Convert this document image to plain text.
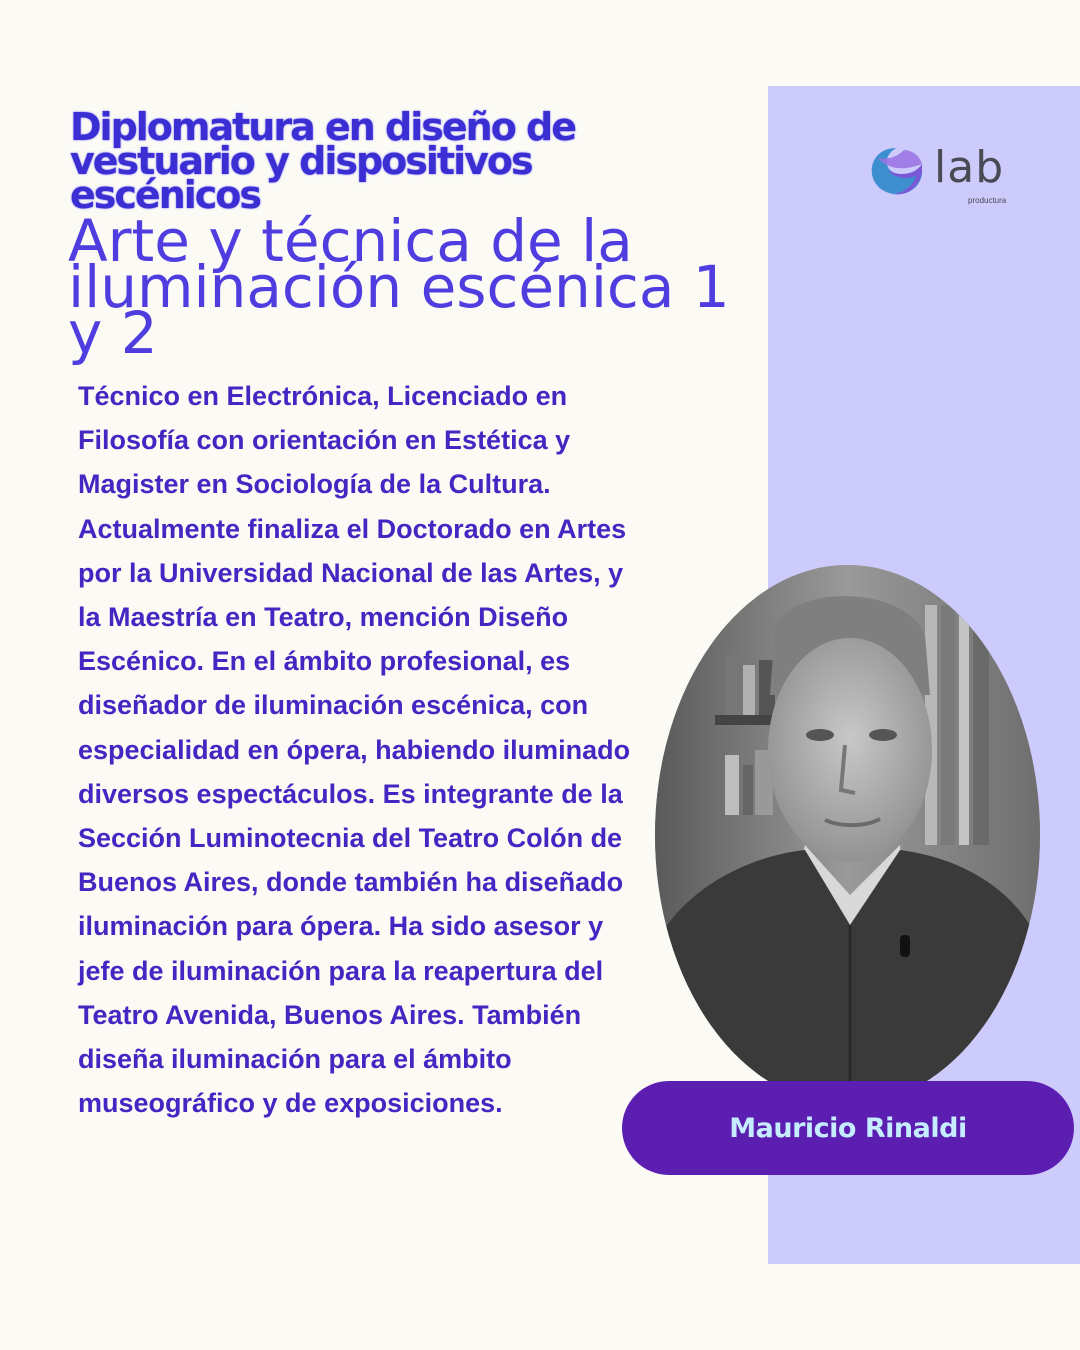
lab
productura
Diplomatura en diseño de vestuario y dispositivos escénicos
Arte y técnica de la iluminación escénica 1 y 2

Técnico en Electrónica, Licenciado en Filosofía con orientación en Estética y Magister en Sociología de la Cultura. Actualmente finaliza el Doctorado en Artes por la Universidad Nacional de las Artes, y la Maestría en Teatro, mención Diseño Escénico. En el ámbito profesional, es diseñador de iluminación escénica, con especialidad en ópera, habiendo iluminado diversos espectáculos. Es integrante de la Sección Luminotecnia del Teatro Colón de Buenos Aires, donde también ha diseñado iluminación para ópera. Ha sido asesor y jefe de iluminación para la reapertura del Teatro Avenida, Buenos Aires. También diseña iluminación para el ámbito museográfico y de exposiciones.

Mauricio Rinaldi
